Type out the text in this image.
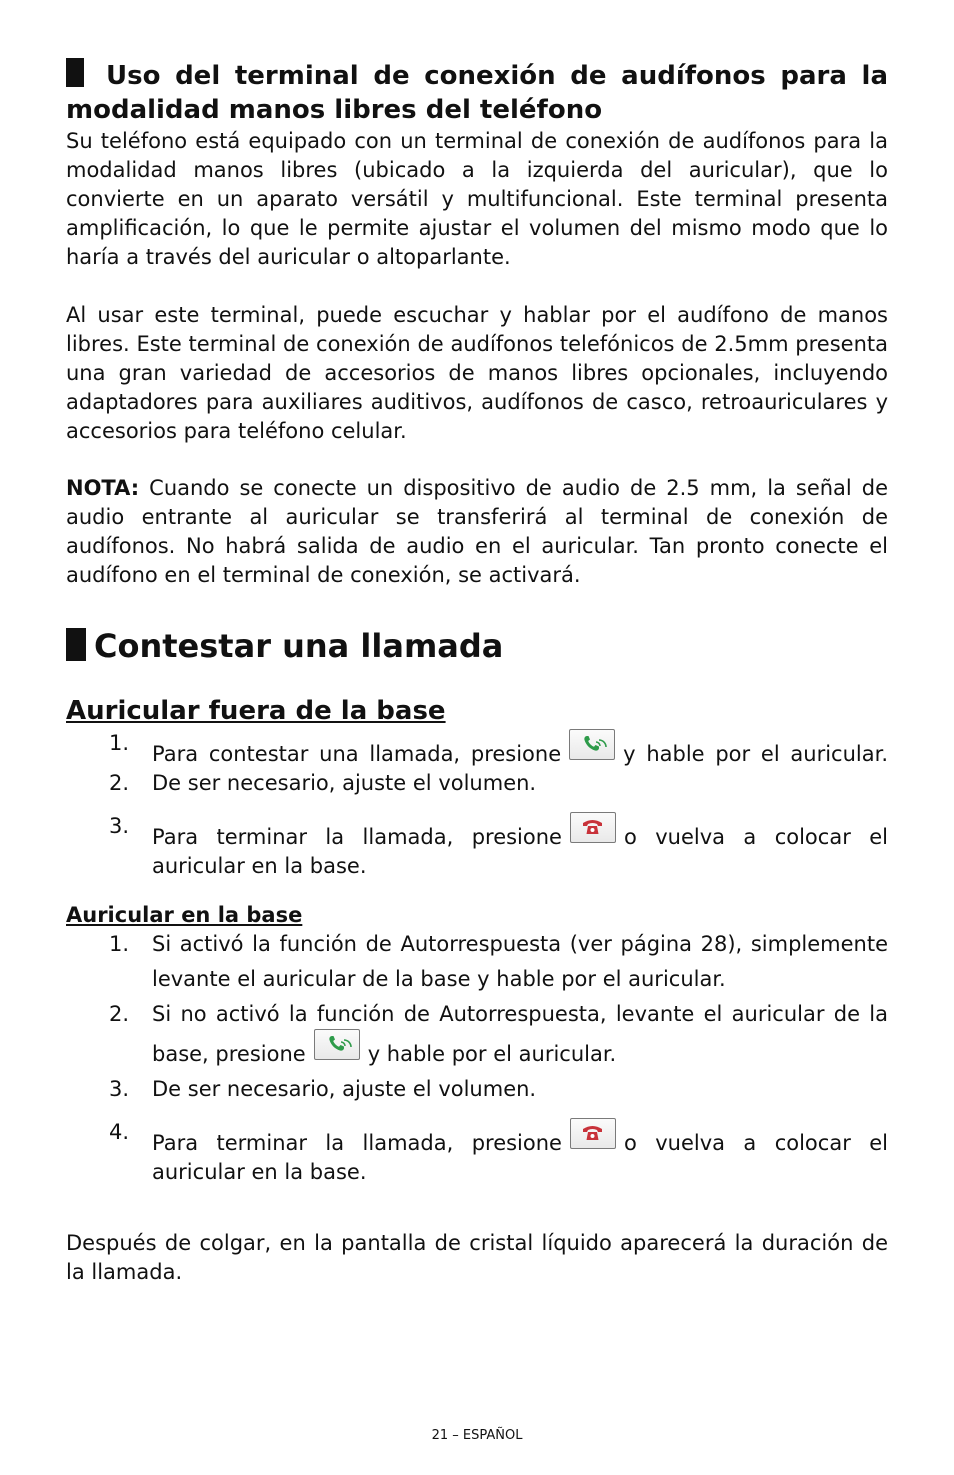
Uso del terminal de conexión de audífonos para la modalidad manos libres del teléfono

Su teléfono está equipado con un terminal de conexión de audífonos para la modalidad manos libres (ubicado a la izquierda del auricular), que lo convierte en un aparato versátil y multifuncional. Este terminal presenta amplificación, lo que le permite ajustar el volumen del mismo modo que lo haría a través del auricular o altoparlante.

Al usar este terminal, puede escuchar y hablar por el audífono de manos libres. Este terminal de conexión de audífonos telefónicos de 2.5mm presenta una gran variedad de accesorios de manos libres opcionales, incluyendo adaptadores para auxiliares auditivos, audífonos de casco, retroauriculares y accesorios para teléfono celular.

NOTA: Cuando se conecte un dispositivo de audio de 2.5 mm, la señal de audio entrante al auricular se transferirá al terminal de conexión de audífonos. No habrá salida de audio en el auricular. Tan pronto conecte el audífono en el terminal de conexión, se activará.

Contestar una llamada

Auricular fuera de la base

1. Para contestar una llamada, presione	y hable por el auricular.
2. De ser necesario, ajuste el volumen.
3. Para terminar la llamada, presione	o vuelva a colocar el auricular en la base.

Auricular en la base

1. Si activó la función de Autorrespuesta (ver página 28), simplemente
levante el auricular de la base y hable por el auricular.
2. Si no activó la función de Autorrespuesta, levante el auricular de la
base, presione	y hable por el auricular.
3. De ser necesario, ajuste el volumen.
4. Para terminar la llamada, presione	o vuelva a colocar el auricular en la base.

Después de colgar, en la pantalla de cristal líquido aparecerá la duración de la llamada.

21 – ESPAÑOL
